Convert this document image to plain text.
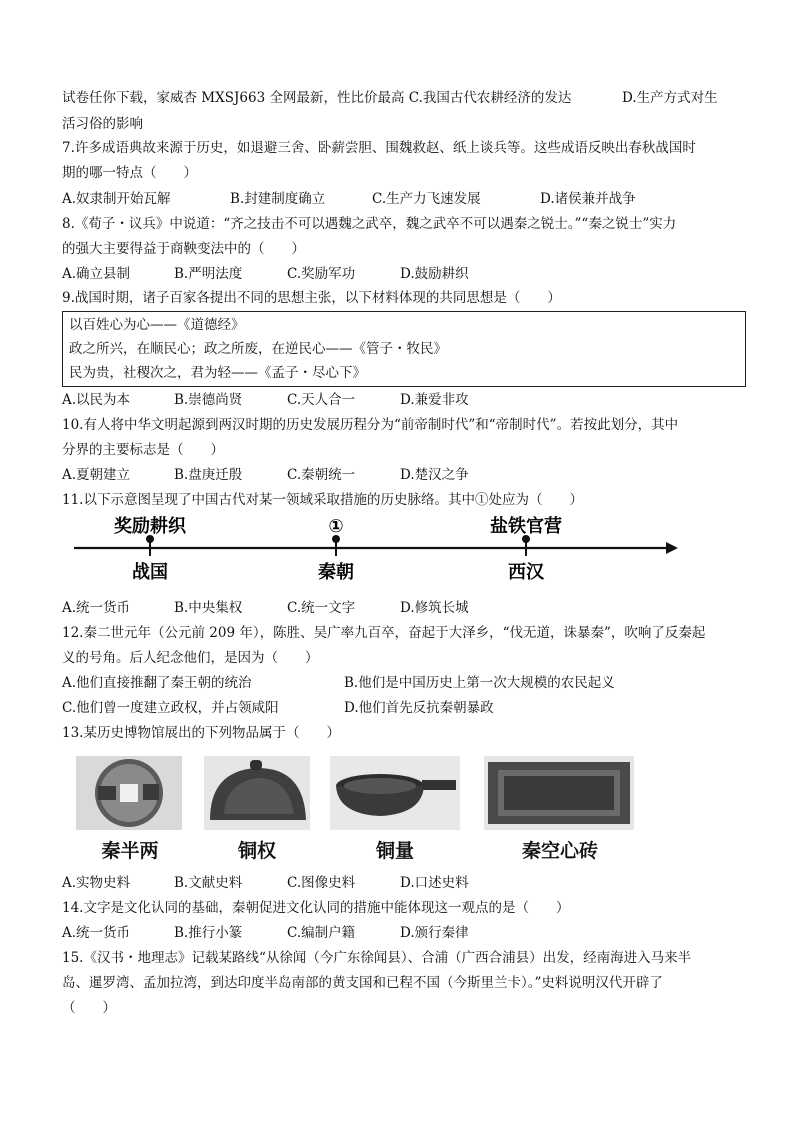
试卷任你下载，家威杏 MXSJ663 全网最新，性比价最高 C.我国古代农耕经济的发达	D.生产方式对生
活习俗的影响
7.许多成语典故来源于历史，如退避三舍、卧薪尝胆、围魏救赵、纸上谈兵等。这些成语反映出春秋战国时
期的哪一特点（　　）
A.奴隶制开始瓦解	B.封建制度确立	C.生产力飞速发展	D.诸侯兼并战争
8.《荀子・议兵》中说道：“齐之技击不可以遇魏之武卒，魏之武卒不可以遇秦之锐士。”“秦之锐士”实力
的强大主要得益于商鞅变法中的（　　）
A.确立县制	B.严明法度	C.奖励军功	D.鼓励耕织
9.战国时期，诸子百家各提出不同的思想主张，以下材料体现的共同思想是（　　）
以百姓心为心——《道德经》
政之所兴，在顺民心；政之所废，在逆民心——《管子・牧民》
民为贵，社稷次之，君为轻——《孟子・尽心下》
A.以民为本	B.崇德尚贤	C.天人合一	D.兼爱非攻
10.有人将中华文明起源到两汉时期的历史发展历程分为“前帝制时代”和“帝制时代”。若按此划分，其中
分界的主要标志是（　　）
A.夏朝建立	B.盘庚迁殷	C.秦朝统一	D.楚汉之争
11.以下示意图呈现了中国古代对某一领域采取措施的历史脉络。其中①处应为（　　）
奖励耕织	①	盐铁官营
战国	秦朝	西汉
A.统一货币	B.中央集权	C.统一文字	D.修筑长城
12.秦二世元年（公元前 209 年），陈胜、吴广率九百卒，奋起于大泽乡，“伐无道，诛暴秦”，吹响了反秦起
义的号角。后人纪念他们，是因为（　　）
A.他们直接推翻了秦王朝的统治	B.他们是中国历史上第一次大规模的农民起义
C.他们曾一度建立政权，并占领咸阳	D.他们首先反抗秦朝暴政
13.某历史博物馆展出的下列物品属于（　　）
秦半两	铜权	铜量	秦空心砖
A.实物史料	B.文献史料	C.图像史料	D.口述史料
14.文字是文化认同的基础，秦朝促进文化认同的措施中能体现这一观点的是（　　）
A.统一货币	B.推行小篆	C.编制户籍	D.颁行秦律
15.《汉书・地理志》记载某路线“从徐闻（今广东徐闻县）、合浦（广西合浦县）出发，经南海进入马来半
岛、暹罗湾、孟加拉湾，到达印度半岛南部的黄支国和已程不国（今斯里兰卡）。”史料说明汉代开辟了
（　　）
